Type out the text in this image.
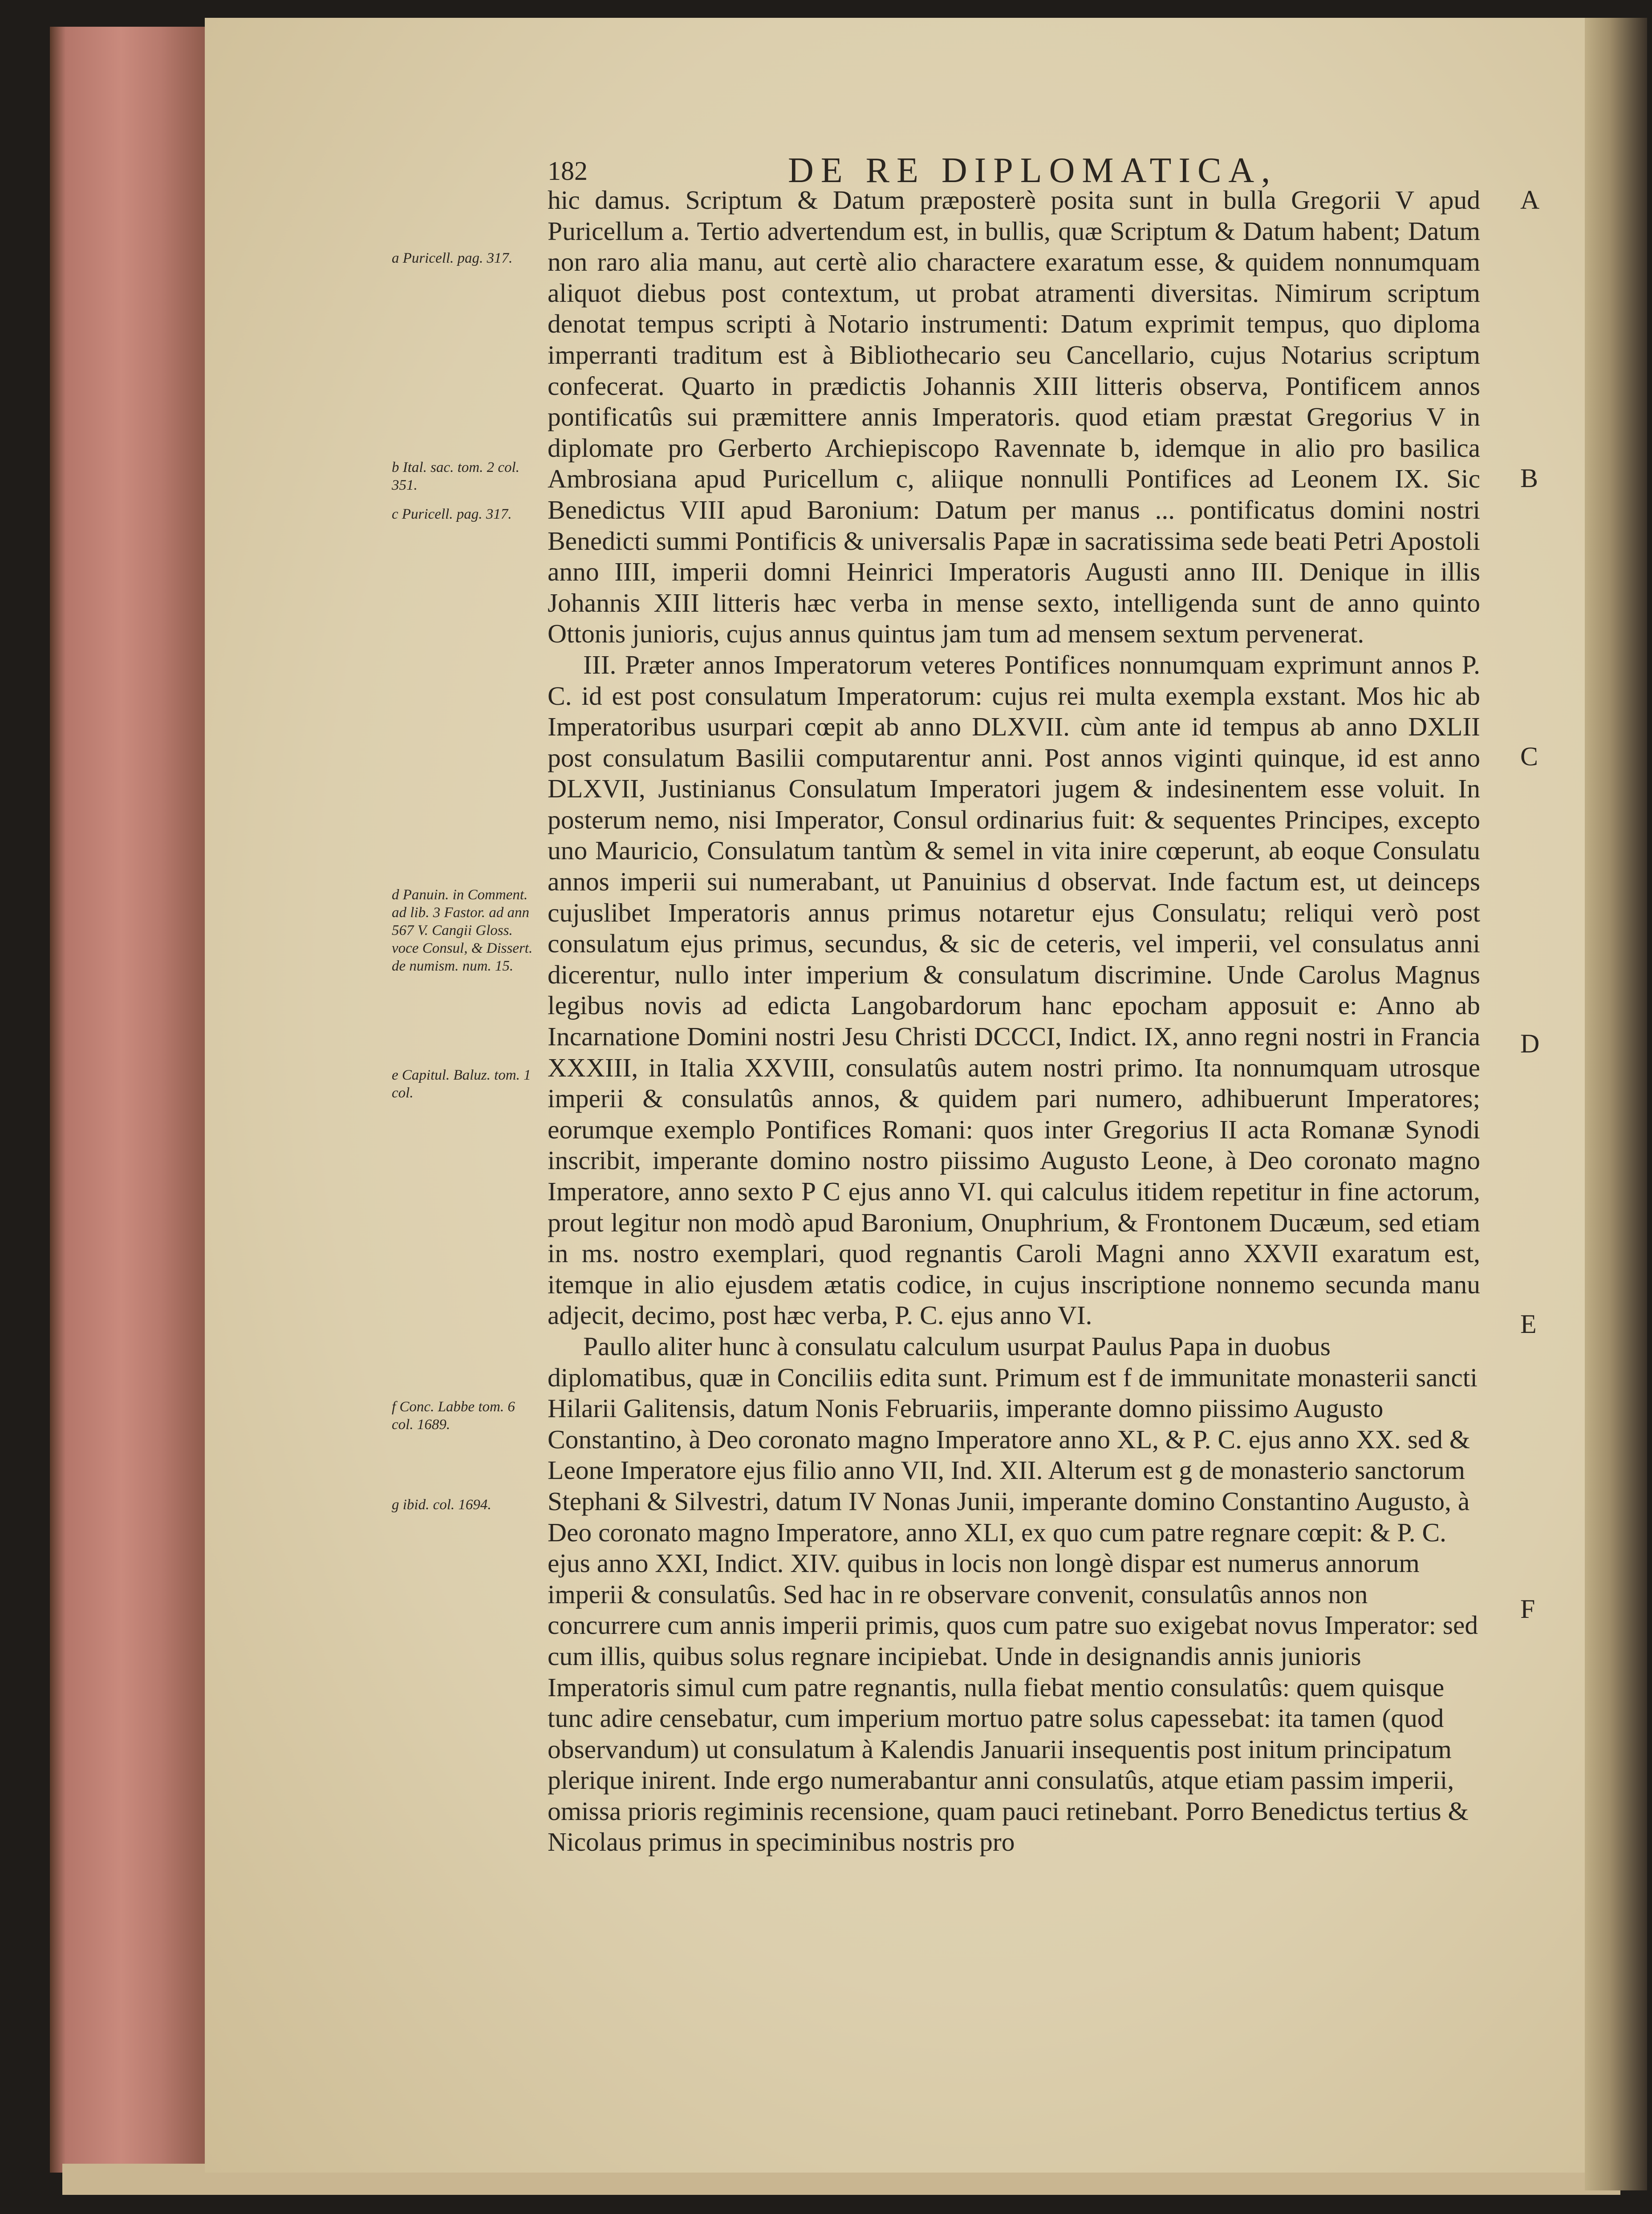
182	DE RE DIPLOMATICA,
a Puricell. pag. 317.
b Ital. sac. tom. 2 col. 351.
c Puricell. pag. 317.
d Panuin. in Comment. ad lib. 3 Fastor. ad ann 567 V. Cangii Gloss. voce Consul, & Dissert. de numism. num. 15.
e Capitul. Baluz. tom. 1 col.
f Conc. Labbe tom. 6 col. 1689.
g ibid. col. 1694.
A
B
C
D
E
F

hic damus. Scriptum & Datum præposterè posita sunt in bulla Gregorii V apud Puricellum a. Tertio advertendum est, in bullis, quæ Scriptum & Datum habent; Datum non raro alia manu, aut certè alio charactere exaratum esse, & quidem nonnumquam aliquot diebus post contextum, ut probat atramenti diversitas. Nimirum scriptum denotat tempus scripti à Notario instrumenti: Datum exprimit tempus, quo diploma imperranti traditum est à Bibliothecario seu Cancellario, cujus Notarius scriptum confecerat. Quarto in prædictis Johannis XIII litteris observa, Pontificem annos pontificatûs sui præmittere annis Imperatoris. quod etiam præstat Gregorius V in diplomate pro Gerberto Archiepiscopo Ravennate b, idemque in alio pro basilica Ambrosiana apud Puricellum c, aliique nonnulli Pontifices ad Leonem IX. Sic Benedictus VIII apud Baronium: Datum per manus ... pontificatus domini nostri Benedicti summi Pontificis & universalis Papæ in sacratissima sede beati Petri Apostoli anno IIII, imperii domni Heinrici Imperatoris Augusti anno III. Denique in illis Johannis XIII litteris hæc verba in mense sexto, intelligenda sunt de anno quinto Ottonis junioris, cujus annus quintus jam tum ad mensem sextum pervenerat.

III. Præter annos Imperatorum veteres Pontifices nonnumquam exprimunt annos P. C. id est post consulatum Imperatorum: cujus rei multa exempla exstant. Mos hic ab Imperatoribus usurpari cœpit ab anno DLXVII. cùm ante id tempus ab anno DXLII post consulatum Basilii computarentur anni. Post annos viginti quinque, id est anno DLXVII, Justinianus Consulatum Imperatori jugem & indesinentem esse voluit. In posterum nemo, nisi Imperator, Consul ordinarius fuit: & sequentes Principes, excepto uno Mauricio, Consulatum tantùm & semel in vita inire cœperunt, ab eoque Consulatu annos imperii sui numerabant, ut Panuinius d observat. Inde factum est, ut deinceps cujuslibet Imperatoris annus primus notaretur ejus Consulatu; reliqui verò post consulatum ejus primus, secundus, & sic de ceteris, vel imperii, vel consulatus anni dicerentur, nullo inter imperium & consulatum discrimine. Unde Carolus Magnus legibus novis ad edicta Langobardorum hanc epocham apposuit e: Anno ab Incarnatione Domini nostri Jesu Christi DCCCI, Indict. IX, anno regni nostri in Francia XXXIII, in Italia XXVIII, consulatûs autem nostri primo. Ita nonnumquam utrosque imperii & consulatûs annos, & quidem pari numero, adhibuerunt Imperatores; eorumque exemplo Pontifices Romani: quos inter Gregorius II acta Romanæ Synodi inscribit, imperante domino nostro piissimo Augusto Leone, à Deo coronato magno Imperatore, anno sexto P C ejus anno VI. qui calculus itidem repetitur in fine actorum, prout legitur non modò apud Baronium, Onuphrium, & Frontonem Ducæum, sed etiam in ms. nostro exemplari, quod regnantis Caroli Magni anno XXVII exaratum est, itemque in alio ejusdem ætatis codice, in cujus inscriptione nonnemo secunda manu adjecit, decimo, post hæc verba, P. C. ejus anno VI.

Paullo aliter hunc à consulatu calculum usurpat Paulus Papa in duobus diplomatibus, quæ in Conciliis edita sunt. Primum est f de immunitate monasterii sancti Hilarii Galitensis, datum Nonis Februariis, imperante domno piissimo Augusto Constantino, à Deo coronato magno Imperatore anno XL, & P. C. ejus anno XX. sed & Leone Imperatore ejus filio anno VII, Ind. XII. Alterum est g de monasterio sanctorum Stephani & Silvestri, datum IV Nonas Junii, imperante domino Constantino Augusto, à Deo coronato magno Imperatore, anno XLI, ex quo cum patre regnare cœpit: & P. C. ejus anno XXI, Indict. XIV. quibus in locis non longè dispar est numerus annorum imperii & consulatûs. Sed hac in re observare convenit, consulatûs annos non concurrere cum annis imperii primis, quos cum patre suo exigebat novus Imperator: sed cum illis, quibus solus regnare incipiebat. Unde in designandis annis junioris Imperatoris simul cum patre regnantis, nulla fiebat mentio consulatûs: quem quisque tunc adire censebatur, cum imperium mortuo patre solus capessebat: ita tamen (quod observandum) ut consulatum à Kalendis Januarii insequentis post initum principatum plerique inirent. Inde ergo numerabantur anni consulatûs, atque etiam passim imperii, omissa prioris regiminis recensione, quam pauci retinebant. Porro Benedictus tertius & Nicolaus primus in speciminibus nostris pro
